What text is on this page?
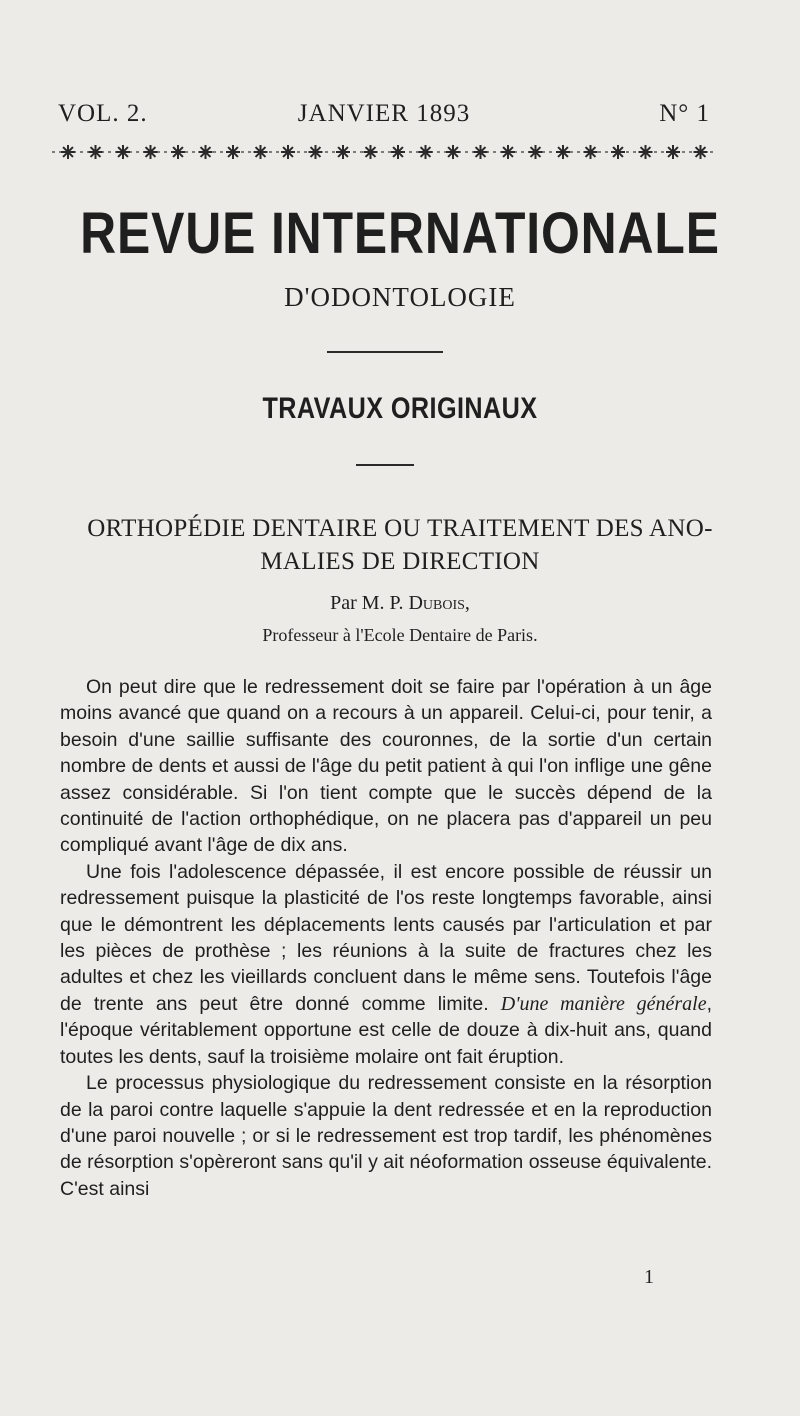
VOL. 2.	JANVIER 1893	N° 1
REVUE INTERNATIONALE
D'ODONTOLOGIE
TRAVAUX ORIGINAUX
ORTHOPÉDIE DENTAIRE OU TRAITEMENT DES ANO-
MALIES DE DIRECTION
Par M. P. Dubois,
Professeur à l'Ecole Dentaire de Paris.

On peut dire que le redressement doit se faire par l'opération à un âge moins avancé que quand on a recours à un appareil. Celui-ci, pour tenir, a besoin d'une saillie suffisante des couronnes, de la sortie d'un certain nombre de dents et aussi de l'âge du petit patient à qui l'on inflige une gêne assez considérable. Si l'on tient compte que le succès dépend de la continuité de l'action orthophédique, on ne placera pas d'appareil un peu compliqué avant l'âge de dix ans.

Une fois l'adolescence dépassée, il est encore possible de réussir un redressement puisque la plasticité de l'os reste longtemps favorable, ainsi que le démontrent les déplacements lents causés par l'articulation et par les pièces de prothèse ; les réunions à la suite de fractures chez les adultes et chez les vieillards concluent dans le même sens. Toutefois l'âge de trente ans peut être donné comme limite. D'une manière générale, l'époque véritablement opportune est celle de douze à dix-huit ans, quand toutes les dents, sauf la troisième molaire ont fait éruption.

Le processus physiologique du redressement consiste en la résorption de la paroi contre laquelle s'appuie la dent redressée et en la reproduction d'une paroi nouvelle ; or si le redressement est trop tardif, les phénomènes de résorption s'opèreront sans qu'il y ait néoformation osseuse équivalente. C'est ainsi

1
